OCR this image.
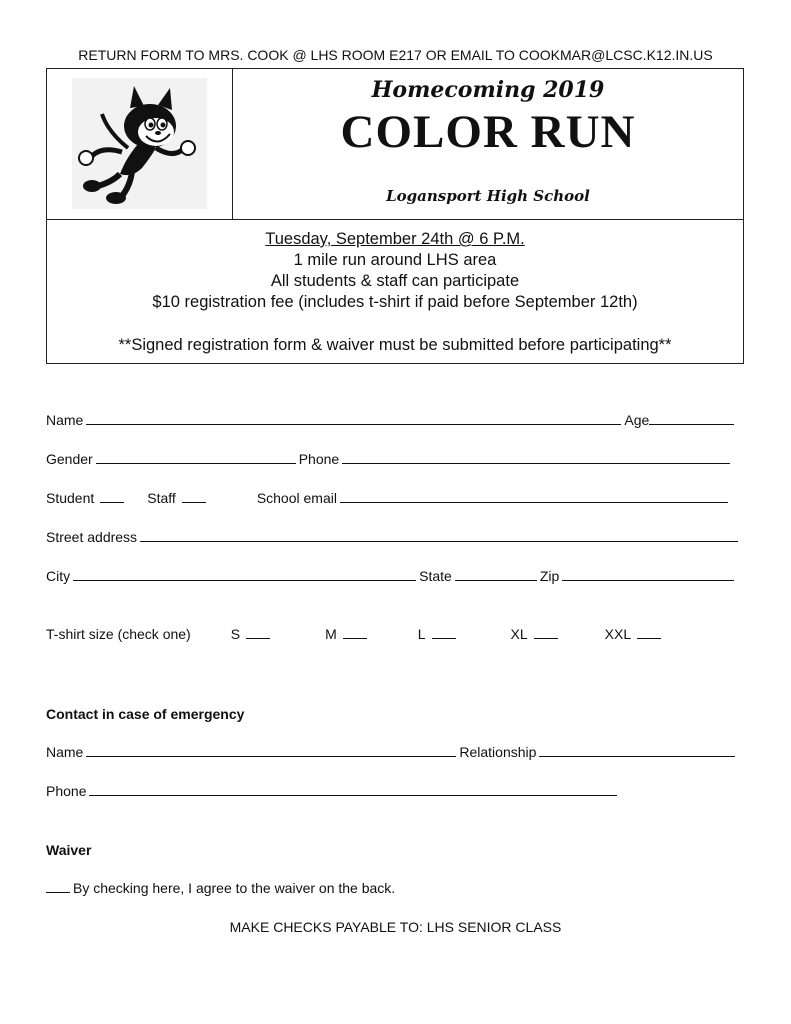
RETURN FORM TO MRS. COOK @ LHS ROOM E217 OR EMAIL TO COOKMAR@LCSC.K12.IN.US
Homecoming 2019
COLOR RUN
Logansport High School
Tuesday, September 24th @ 6 P.M.
1 mile run around LHS area
All students & staff can participate
$10 registration fee (includes t-shirt if paid before September 12th)
**Signed registration form & waiver must be submitted before participating**
Name	Age
Gender	Phone
Student	Staff	School email
Street address
City	State	Zip
T-shirt size (check one)	S	M	L	XL	XXL
Contact in case of emergency
Name	Relationship
Phone
Waiver
By checking here, I agree to the waiver on the back.
MAKE CHECKS PAYABLE TO: LHS SENIOR CLASS
